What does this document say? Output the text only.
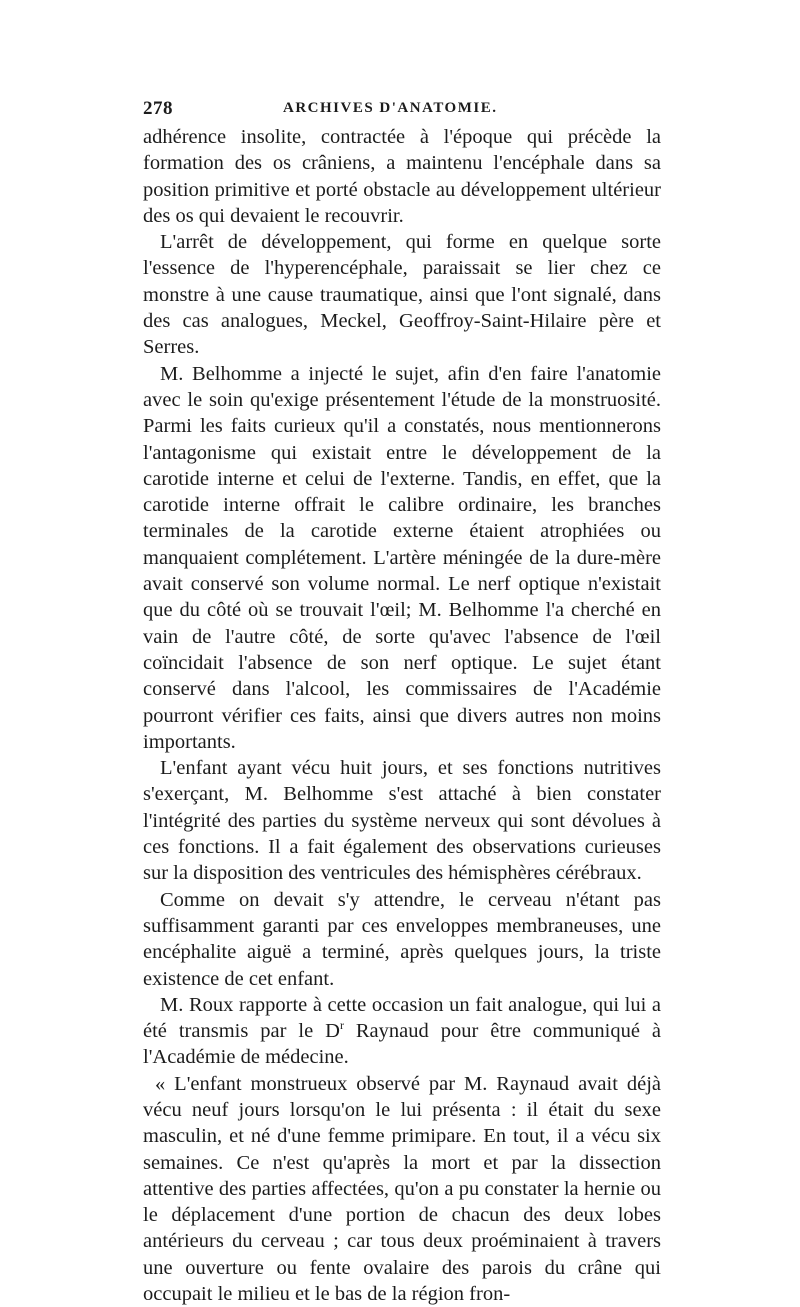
278	ARCHIVES D'ANATOMIE.

adhérence insolite, contractée à l'époque qui précède la formation des os crâniens, a maintenu l'encéphale dans sa position primitive et porté obstacle au développement ultérieur des os qui devaient le recouvrir.

L'arrêt de développement, qui forme en quelque sorte l'essence de l'hyperencéphale, paraissait se lier chez ce monstre à une cause traumatique, ainsi que l'ont signalé, dans des cas analogues, Meckel, Geoffroy-Saint-Hilaire père et Serres.

M. Belhomme a injecté le sujet, afin d'en faire l'anatomie avec le soin qu'exige présentement l'étude de la monstruosité. Parmi les faits curieux qu'il a constatés, nous mentionnerons l'antagonisme qui existait entre le développement de la carotide interne et celui de l'externe. Tandis, en effet, que la carotide interne offrait le calibre ordinaire, les branches terminales de la carotide externe étaient atrophiées ou manquaient complétement. L'artère méningée de la dure-mère avait conservé son volume normal. Le nerf optique n'existait que du côté où se trouvait l'œil; M. Belhomme l'a cherché en vain de l'autre côté, de sorte qu'avec l'absence de l'œil coïncidait l'absence de son nerf optique. Le sujet étant conservé dans l'alcool, les commissaires de l'Académie pourront vérifier ces faits, ainsi que divers autres non moins importants.

L'enfant ayant vécu huit jours, et ses fonctions nutritives s'exerçant, M. Belhomme s'est attaché à bien constater l'intégrité des parties du système nerveux qui sont dévolues à ces fonctions. Il a fait également des observations curieuses sur la disposition des ventricules des hémisphères cérébraux.

Comme on devait s'y attendre, le cerveau n'étant pas suffisamment garanti par ces enveloppes membraneuses, une encéphalite aiguë a terminé, après quelques jours, la triste existence de cet enfant.

M. Roux rapporte à cette occasion un fait analogue, qui lui a été transmis par le $D^r$ Raynaud pour être communiqué à l'Académie de médecine.

« L'enfant monstrueux observé par M. Raynaud avait déjà vécu neuf jours lorsqu'on le lui présenta : il était du sexe masculin, et né d'une femme primipare. En tout, il a vécu six semaines. Ce n'est qu'après la mort et par la dissection attentive des parties affectées, qu'on a pu constater la hernie ou le déplacement d'une portion de chacun des deux lobes antérieurs du cerveau ; car tous deux proéminaient à travers une ouverture ou fente ovalaire des parois du crâne qui occupait le milieu et le bas de la région fron-
